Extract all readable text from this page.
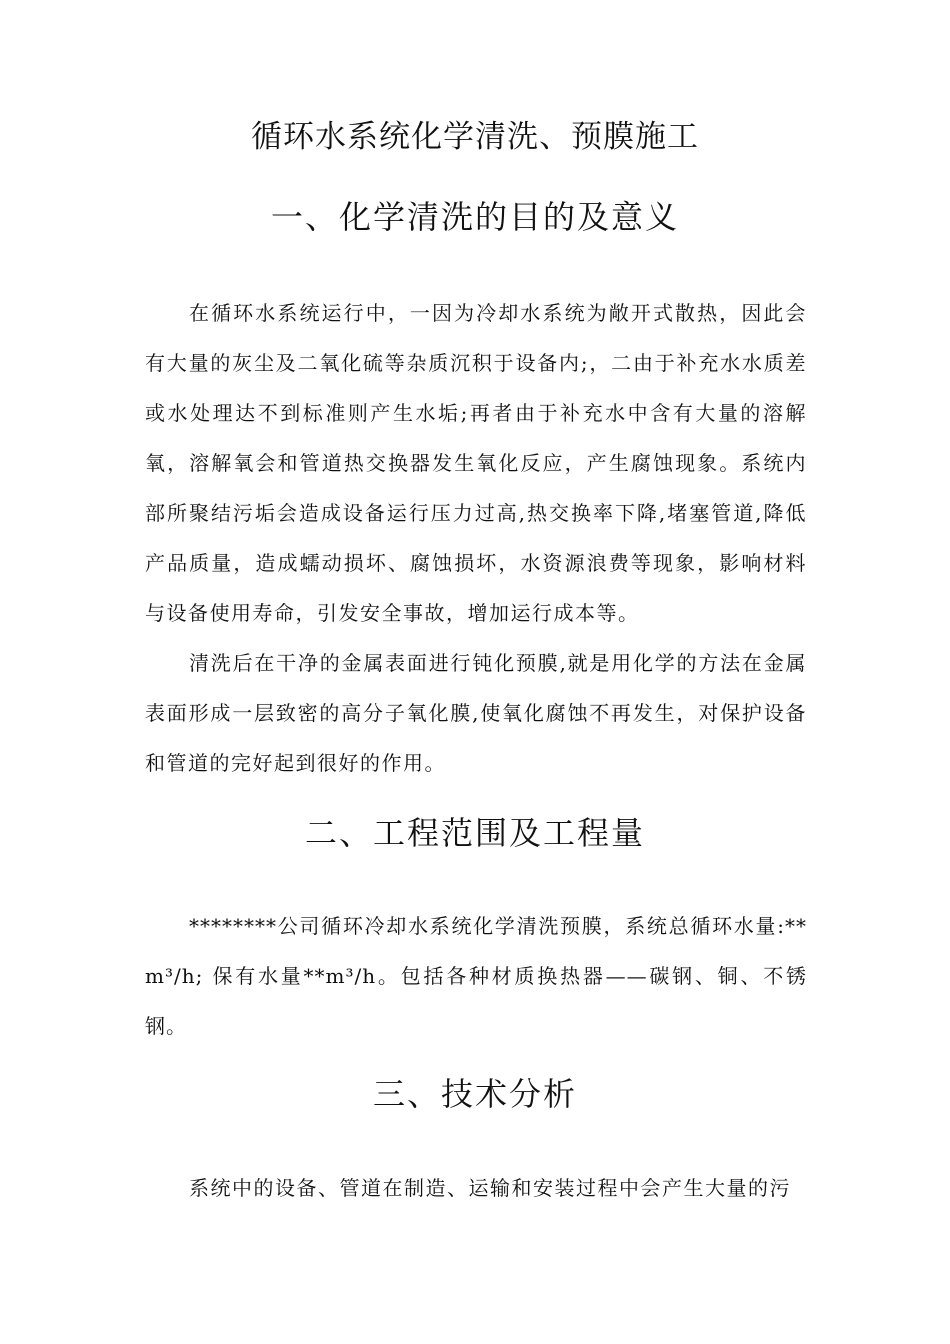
循环水系统化学清洗、预膜施工
一、化学清洗的目的及意义

在循环水系统运行中，一因为冷却水系统为敞开式散热，因此会有大量的灰尘及二氧化硫等杂质沉积于设备内;，二由于补充水水质差或水处理达不到标准则产生水垢;再者由于补充水中含有大量的溶解氧，溶解氧会和管道热交换器发生氧化反应，产生腐蚀现象。系统内部所聚结污垢会造成设备运行压力过高,热交换率下降,堵塞管道,降低产品质量，造成蠕动损坏、腐蚀损坏，水资源浪费等现象，影响材料与设备使用寿命，引发安全事故，增加运行成本等。

清洗后在干净的金属表面进行钝化预膜,就是用化学的方法在金属表面形成一层致密的高分子氧化膜,使氧化腐蚀不再发生，对保护设备和管道的完好起到很好的作用。

二、工程范围及工程量

********公司循环冷却水系统化学清洗预膜，系统总循环水量:**m³/h; 保有水量**m³/h。包括各种材质换热器——碳钢、铜、不锈钢。

三、技术分析

系统中的设备、管道在制造、运输和安装过程中会产生大量的污
